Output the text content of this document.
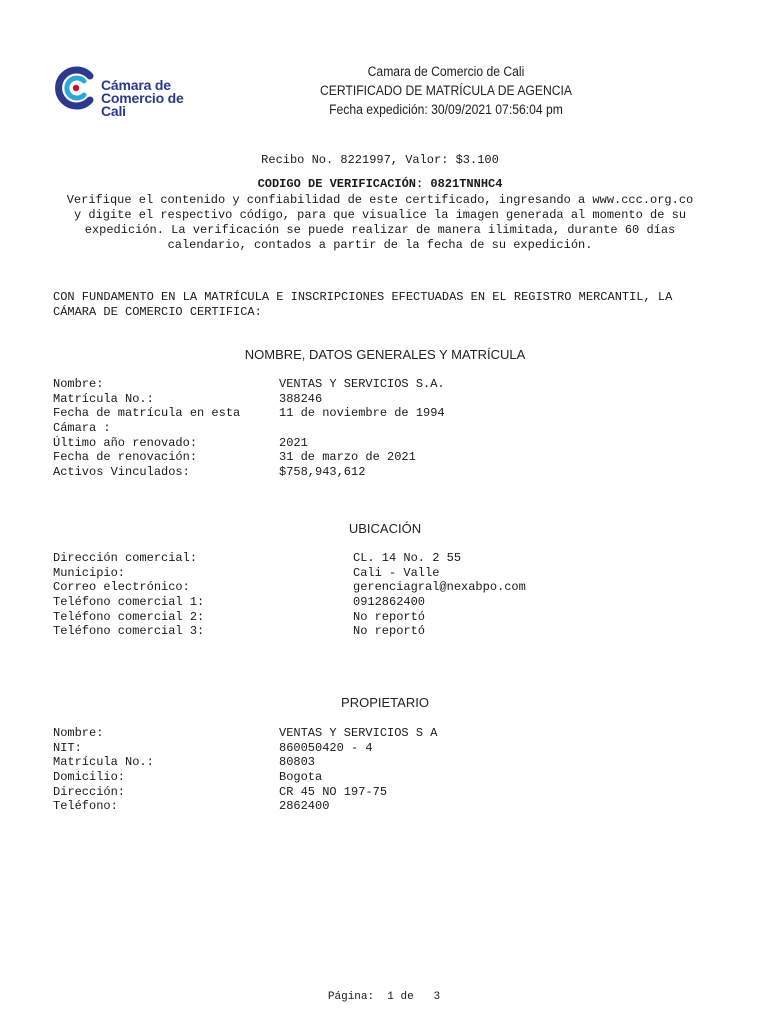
Cámara de
Comercio de
Cali
Camara de Comercio de Cali
CERTIFICADO DE MATRÍCULA DE AGENCIA
Fecha expedición: 30/09/2021 07:56:04 pm
Recibo No. 8221997, Valor: $3.100
CODIGO DE VERIFICACIÓN: 0821TNNHC4
Verifique el contenido y confiabilidad de este certificado, ingresando a www.ccc.org.co
y digite el respectivo código, para que visualice la imagen generada al momento de su
expedición. La verificación se puede realizar de manera ilimitada, durante 60 días
calendario, contados a partir de la fecha de su expedición.
CON FUNDAMENTO EN LA MATRÍCULA E INSCRIPCIONES EFECTUADAS EN EL REGISTRO MERCANTIL, LA
CÁMARA DE COMERCIO CERTIFICA:
NOMBRE, DATOS GENERALES Y MATRÍCULA
Nombre:	VENTAS Y SERVICIOS S.A.
Matrícula No.:	388246
Fecha de matrícula en esta	11 de noviembre de 1994
Cámara :
Último año renovado:	2021
Fecha de renovación:	31 de marzo de 2021
Activos Vinculados:	$758,943,612
UBICACIÓN
Dirección comercial:	CL. 14 No. 2 55
Municipio:	Cali - Valle
Correo electrónico:	gerenciagral@nexabpo.com
Teléfono comercial 1:	0912862400
Teléfono comercial 2:	No reportó
Teléfono comercial 3:	No reportó
PROPIETARIO
Nombre:	VENTAS Y SERVICIOS S A
NIT:	860050420 - 4
Matrícula No.:	80803
Domicilio:	Bogota
Dirección:	CR 45 NO 197-75
Teléfono:	2862400
Página:  1 de   3
